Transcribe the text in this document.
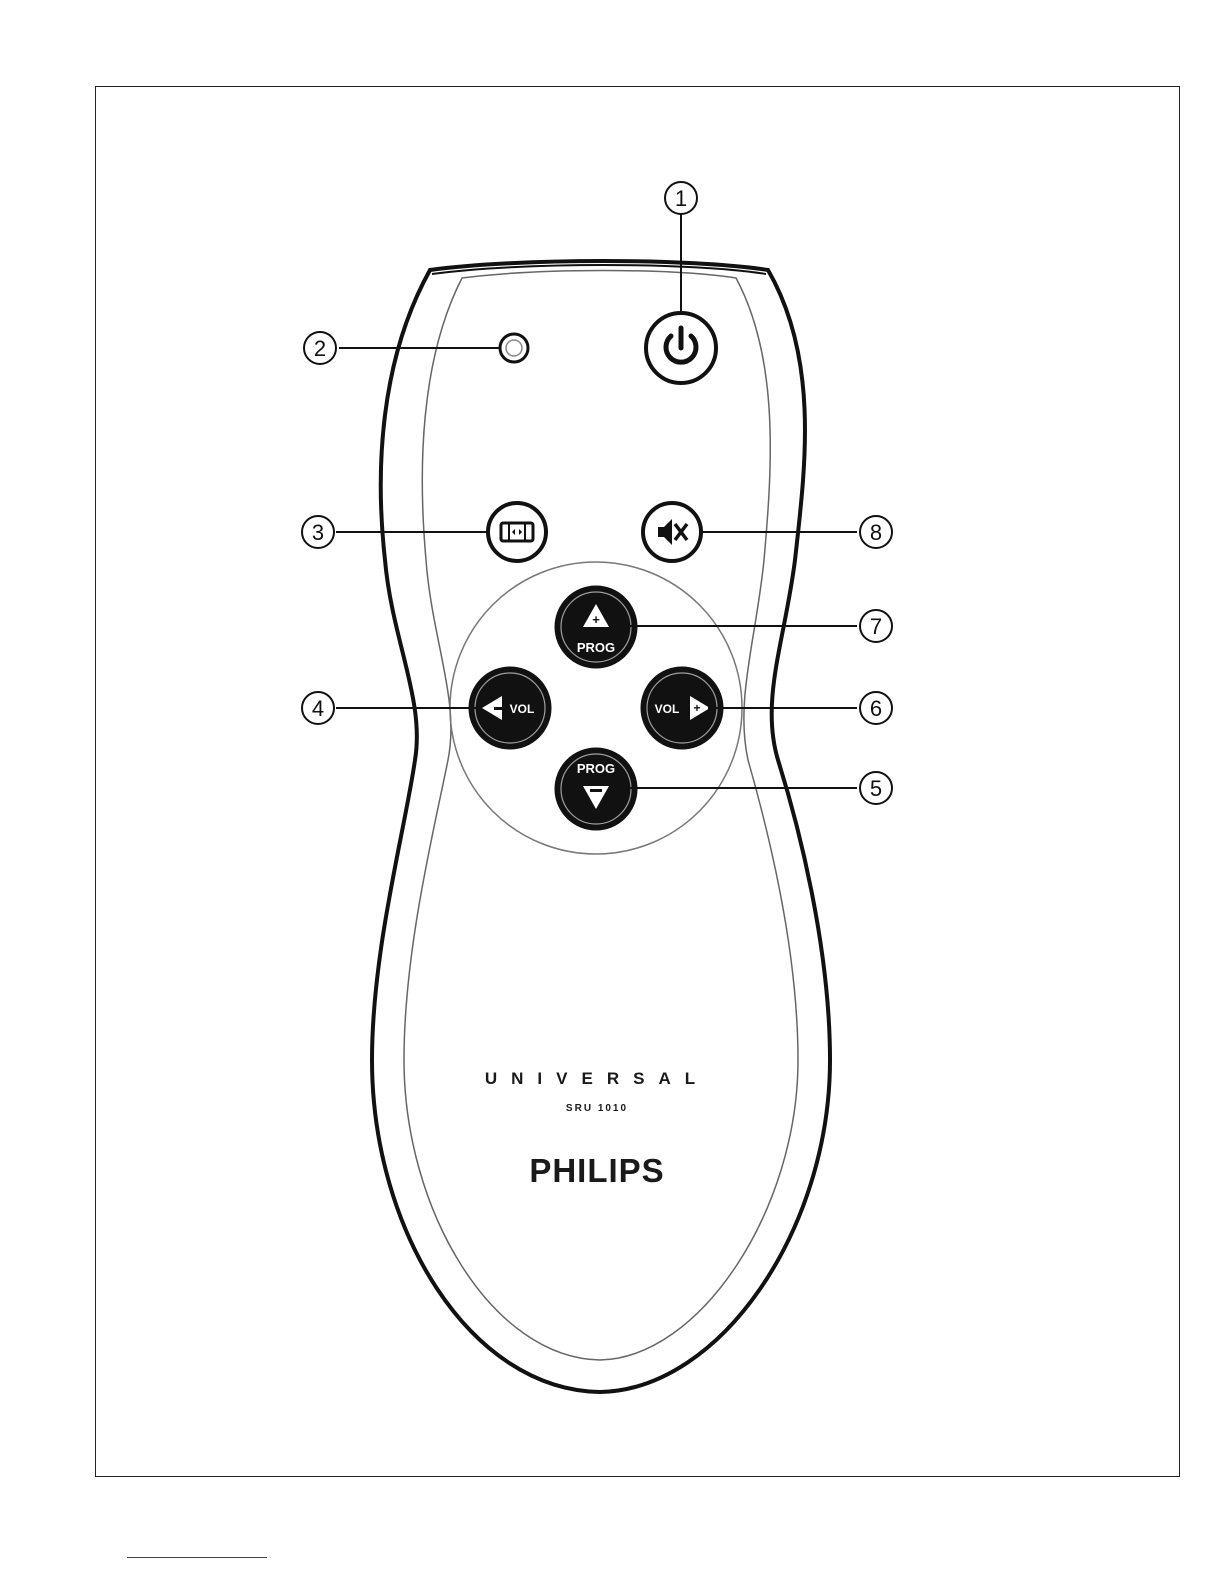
+
PROG
PROG
VOL	VOL +
UNIVERSAL
SRU 1010
PHILIPS
1
2
3
4
5
6
7
8
